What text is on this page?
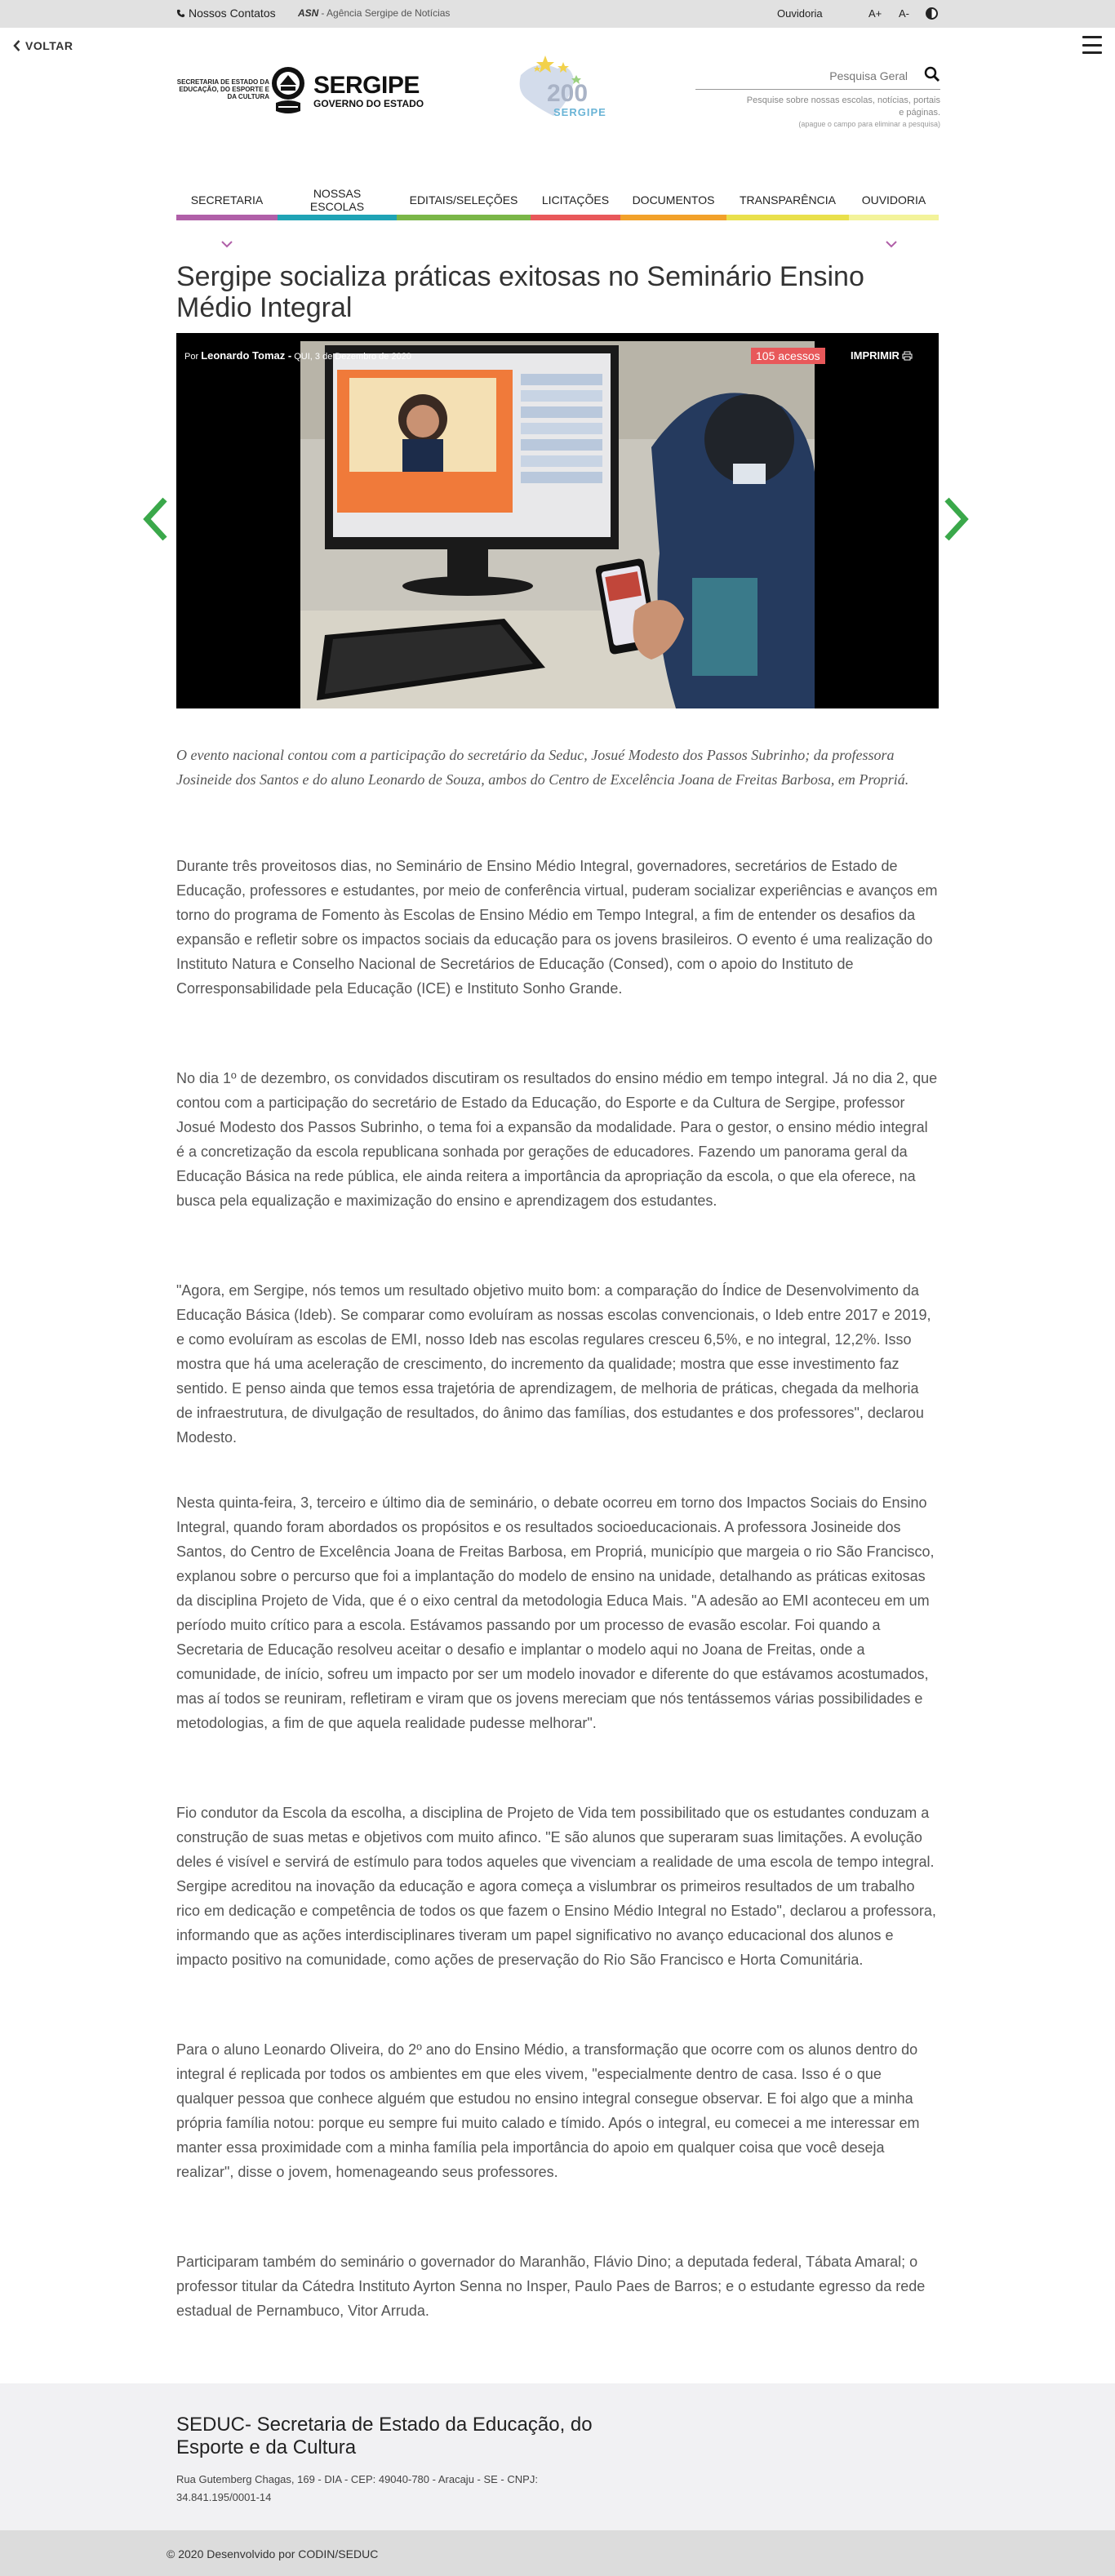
Nossos Contatos ASN - Agência Sergipe de Notícias	Ouvidoria	A+ A-
VOLTAR
SECRETARIA DE ESTADO DA EDUCAÇÃO, DO ESPORTE E DA CULTURA SERGIPE
GOVERNO DO ESTADO	200
SERGIPE
Pesquisa Geral
Pesquise sobre nossas escolas, notícias, portais e páginas.
(apague o campo para eliminar a pesquisa)
SECRETARIA	NOSSAS ESCOLAS	EDITAIS/SELEÇÕES LICITAÇÕES DOCUMENTOS TRANSPARÊNCIA OUVIDORIA
Sergipe socializa práticas exitosas no Seminário Ensino Médio Integral
Por Leonardo Tomaz - QUI, 3 de Dezembro de 2020	105 acessos	IMPRIMIR

O evento nacional contou com a participação do secretário da Seduc, Josué Modesto dos Passos Subrinho; da professora Josineide dos Santos e do aluno Leonardo de Souza, ambos do Centro de Excelência Joana de Freitas Barbosa, em Propriá.

Durante três proveitosos dias, no Seminário de Ensino Médio Integral, governadores, secretários de Estado de Educação, professores e estudantes, por meio de conferência virtual, puderam socializar experiências e avanços em torno do programa de Fomento às Escolas de Ensino Médio em Tempo Integral, a fim de entender os desafios da expansão e refletir sobre os impactos sociais da educação para os jovens brasileiros. O evento é uma realização do Instituto Natura e Conselho Nacional de Secretários de Educação (Consed), com o apoio do Instituto de Corresponsabilidade pela Educação (ICE) e Instituto Sonho Grande.

No dia 1º de dezembro, os convidados discutiram os resultados do ensino médio em tempo integral. Já no dia 2, que contou com a participação do secretário de Estado da Educação, do Esporte e da Cultura de Sergipe, professor Josué Modesto dos Passos Subrinho, o tema foi a expansão da modalidade. Para o gestor, o ensino médio integral é a concretização da escola republicana sonhada por gerações de educadores. Fazendo um panorama geral da Educação Básica na rede pública, ele ainda reitera a importância da apropriação da escola, o que ela oferece, na busca pela equalização e maximização do ensino e aprendizagem dos estudantes.

"Agora, em Sergipe, nós temos um resultado objetivo muito bom: a comparação do Índice de Desenvolvimento da Educação Básica (Ideb). Se comparar como evoluíram as nossas escolas convencionais, o Ideb entre 2017 e 2019, e como evoluíram as escolas de EMI, nosso Ideb nas escolas regulares cresceu 6,5%, e no integral, 12,2%. Isso mostra que há uma aceleração de crescimento, do incremento da qualidade; mostra que esse investimento faz sentido. E penso ainda que temos essa trajetória de aprendizagem, de melhoria de práticas, chegada da melhoria de infraestrutura, de divulgação de resultados, do ânimo das famílias, dos estudantes e dos professores", declarou Modesto.

Nesta quinta-feira, 3, terceiro e último dia de seminário, o debate ocorreu em torno dos Impactos Sociais do Ensino Integral, quando foram abordados os propósitos e os resultados socioeducacionais. A professora Josineide dos Santos, do Centro de Excelência Joana de Freitas Barbosa, em Propriá, município que margeia o rio São Francisco, explanou sobre o percurso que foi a implantação do modelo de ensino na unidade, detalhando as práticas exitosas da disciplina Projeto de Vida, que é o eixo central da metodologia Educa Mais. "A adesão ao EMI aconteceu em um período muito crítico para a escola. Estávamos passando por um processo de evasão escolar. Foi quando a Secretaria de Educação resolveu aceitar o desafio e implantar o modelo aqui no Joana de Freitas, onde a comunidade, de início, sofreu um impacto por ser um modelo inovador e diferente do que estávamos acostumados, mas aí todos se reuniram, refletiram e viram que os jovens mereciam que nós tentássemos várias possibilidades e metodologias, a fim de que aquela realidade pudesse melhorar".

Fio condutor da Escola da escolha, a disciplina de Projeto de Vida tem possibilitado que os estudantes conduzam a construção de suas metas e objetivos com muito afinco. "E são alunos que superaram suas limitações. A evolução deles é visível e servirá de estímulo para todos aqueles que vivenciam a realidade de uma escola de tempo integral. Sergipe acreditou na inovação da educação e agora começa a vislumbrar os primeiros resultados de um trabalho rico em dedicação e competência de todos os que fazem o Ensino Médio Integral no Estado", declarou a professora, informando que as ações interdisciplinares tiveram um papel significativo no avanço educacional dos alunos e impacto positivo na comunidade, como ações de preservação do Rio São Francisco e Horta Comunitária.

Para o aluno Leonardo Oliveira, do 2º ano do Ensino Médio, a transformação que ocorre com os alunos dentro do integral é replicada por todos os ambientes em que eles vivem, "especialmente dentro de casa. Isso é o que qualquer pessoa que conhece alguém que estudou no ensino integral consegue observar. E foi algo que a minha própria família notou: porque eu sempre fui muito calado e tímido. Após o integral, eu comecei a me interessar em manter essa proximidade com a minha família pela importância do apoio em qualquer coisa que você deseja realizar", disse o jovem, homenageando seus professores.

Participaram também do seminário o governador do Maranhão, Flávio Dino; a deputada federal, Tábata Amaral; o professor titular da Cátedra Instituto Ayrton Senna no Insper, Paulo Paes de Barros; e o estudante egresso da rede estadual de Pernambuco, Vitor Arruda.

SEDUC- Secretaria de Estado da Educação, do Esporte e da Cultura
Rua Gutemberg Chagas, 169 - DIA - CEP: 49040-780 - Aracaju - SE - CNPJ: 34.841.195/0001-14
© 2020 Desenvolvido por CODIN/SEDUC
